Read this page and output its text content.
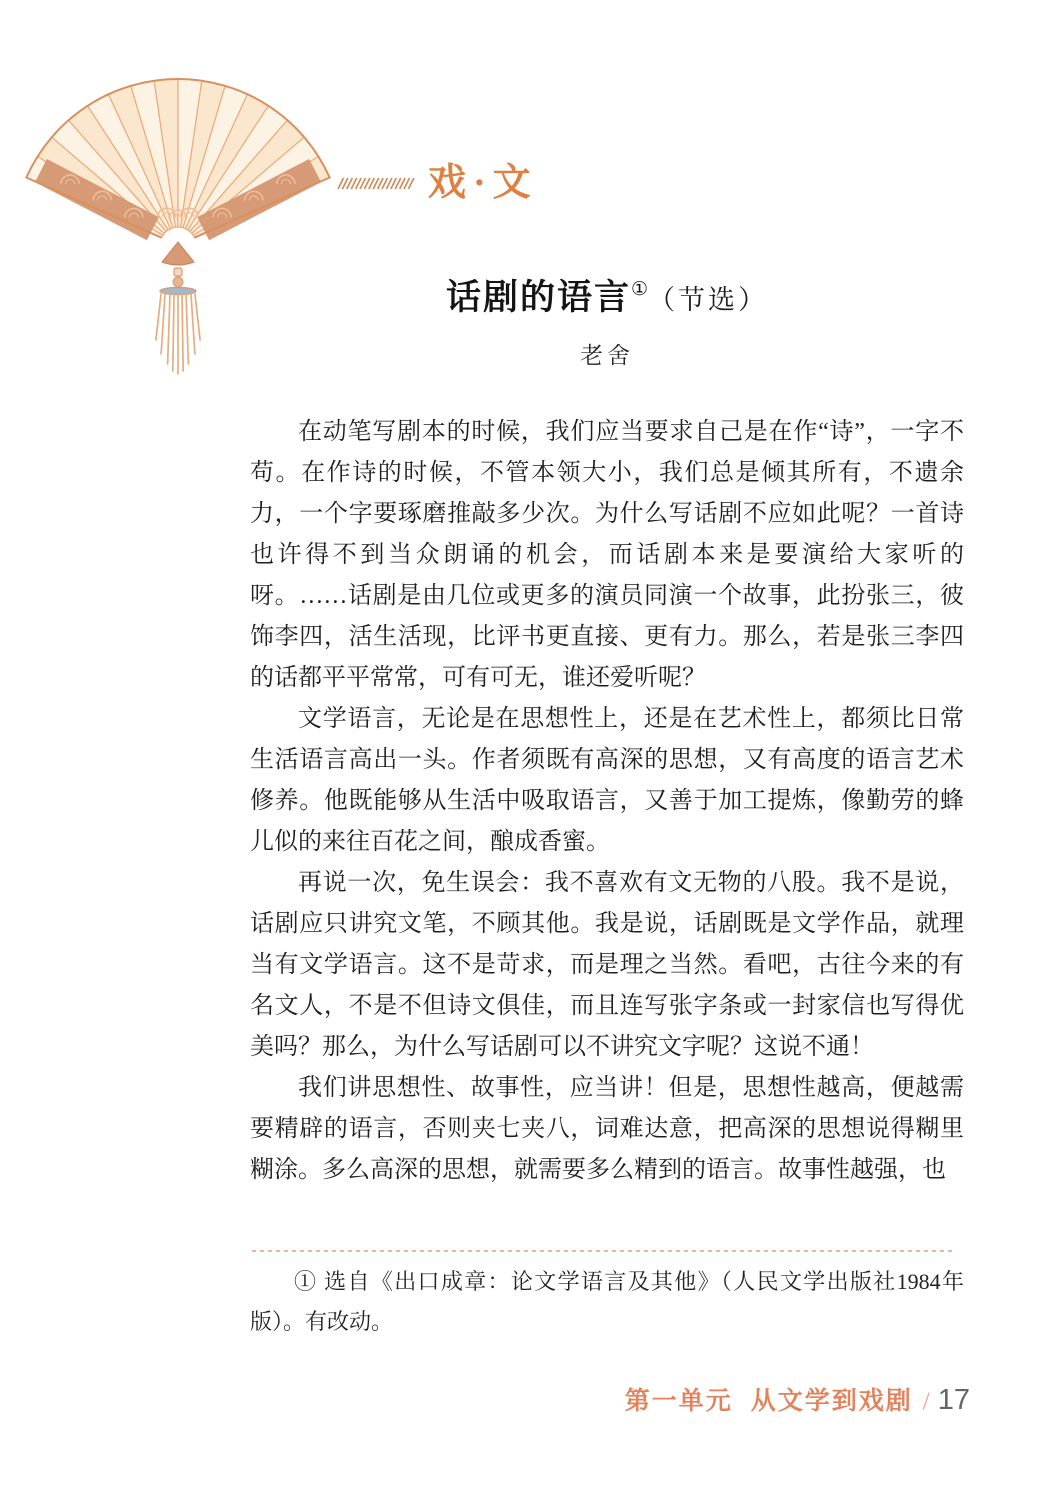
戏·文
话剧的语言①（节选）
老舍

在动笔写剧本的时候，我们应当要求自己是在作“诗”，一字不苟。在作诗的时候，不管本领大小，我们总是倾其所有，不遗余力，一个字要琢磨推敲多少次。为什么写话剧不应如此呢？一首诗也许得不到当众朗诵的机会，而话剧本来是要演给大家听的呀。……话剧是由几位或更多的演员同演一个故事，此扮张三，彼饰李四，活生活现，比评书更直接、更有力。那么，若是张三李四的话都平平常常，可有可无，谁还爱听呢？

文学语言，无论是在思想性上，还是在艺术性上，都须比日常生活语言高出一头。作者须既有高深的思想，又有高度的语言艺术修养。他既能够从生活中吸取语言，又善于加工提炼，像勤劳的蜂儿似的来往百花之间，酿成香蜜。

再说一次，免生误会：我不喜欢有文无物的八股。我不是说，话剧应只讲究文笔，不顾其他。我是说，话剧既是文学作品，就理当有文学语言。这不是苛求，而是理之当然。看吧，古往今来的有名文人，不是不但诗文俱佳，而且连写张字条或一封家信也写得优美吗？那么，为什么写话剧可以不讲究文字呢？这说不通！

我们讲思想性、故事性，应当讲！但是，思想性越高，便越需要精辟的语言，否则夹七夹八，词难达意，把高深的思想说得糊里糊涂。多么高深的思想，就需要多么精到的语言。故事性越强，也

① 选自《出口成章：论文学语言及其他》（人民文学出版社1984年版）。有改动。
第一单元 从文学到戏剧 / 17
